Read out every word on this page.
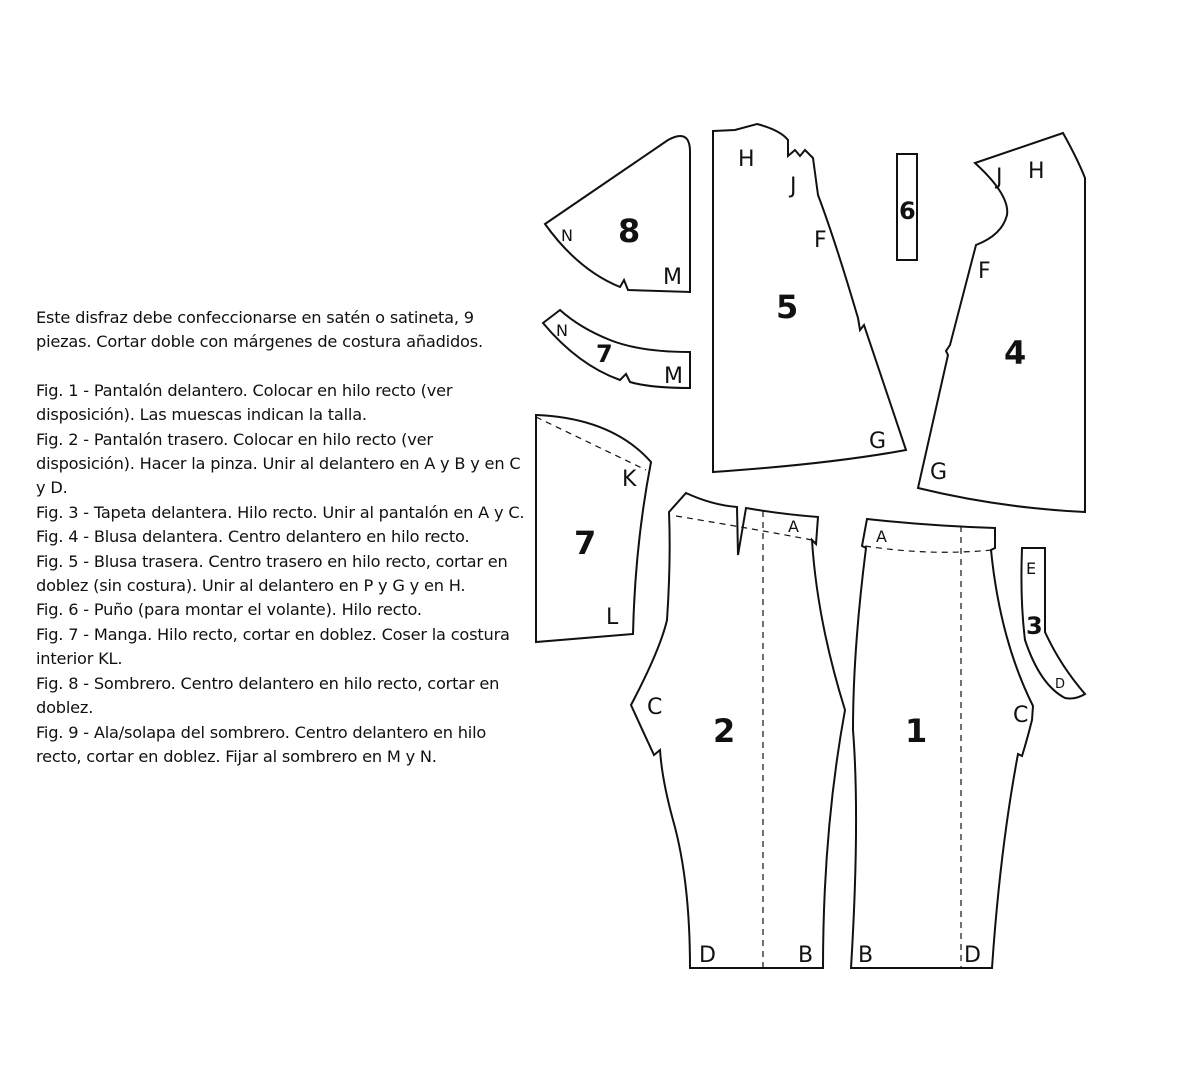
Este disfraz debe confeccionarse en satén o satineta, 9 piezas. Cortar doble con márgenes de costura añadidos.

Fig. 1 - Pantalón delantero. Colocar en hilo recto (ver disposición). Las muescas indican la talla.

Fig. 2 - Pantalón trasero. Colocar en hilo recto (ver disposición). Hacer la pinza. Unir al delantero en A y B y en C y D.

Fig. 3 - Tapeta delantera. Hilo recto. Unir al pantalón en A y C.

Fig. 4 - Blusa delantera. Centro delantero en hilo recto.

Fig. 5 - Blusa trasera. Centro trasero en hilo recto, cortar en doblez (sin costura). Unir al delantero en P y G y en H.

Fig. 6 - Puño (para montar el volante). Hilo recto.

Fig. 7 - Manga. Hilo recto, cortar en doblez. Coser la costura interior KL.

Fig. 8 - Sombrero. Centro delantero en hilo recto, cortar en doblez.

Fig. 9 - Ala/solapa del sombrero. Centro delantero en hilo recto, cortar en doblez. Fijar al sombrero en M y N.

8
N
M
7
N
M
7
K
L
5
H
J
F
G
6
4
J H
F
G
2
A
C
D	B
1
A
C
B	D
E
3
D
